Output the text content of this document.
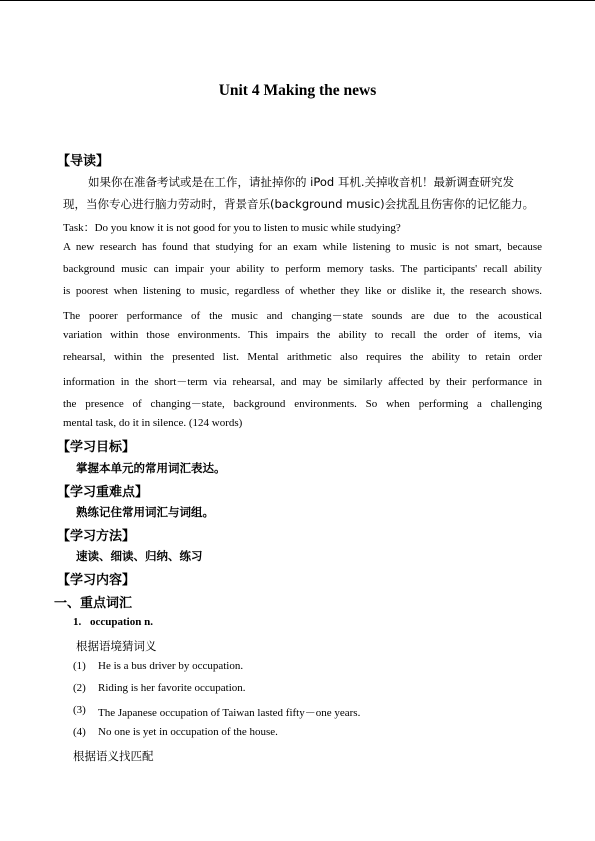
Unit 4 Making the news
【导读】
如果你在准备考试或是在工作，请扯掉你的 iPod 耳机.关掉收音机！最新调查研究发
现，当你专心进行脑力劳动时，背景音乐(background music)会扰乱且伤害你的记忆能力。
Task：Do you know it is not good for you to listen to music while studying?
A new research has found that studying for an exam while listening to music is not smart, because
background music can impair your ability to perform memory tasks. The participants' recall ability
is poorest when listening to music, regardless of whether they like or dislike it, the research shows.
The poorer performance of the music and changing－state sounds are due to the acoustical
variation within those environments. This impairs the ability to recall the order of items, via
rehearsal, within the presented list. Mental arithmetic also requires the ability to retain order
information in the short－term via rehearsal, and may be similarly affected by their performance in
the presence of changing－state, background environments. So when performing a challenging
mental task, do it in silence. (124 words)
【学习目标】
掌握本单元的常用词汇表达。
【学习重难点】
熟练记住常用词汇与词组。
【学习方法】
速读、细读、归纳、练习
【学习内容】
一、重点词汇
1. occupation n.
根据语境猜词义
(1) He is a bus driver by occupation.
(2) Riding is her favorite occupation.
(3) The Japanese occupation of Taiwan lasted fifty－one years.
(4) No one is yet in occupation of the house.
根据语义找匹配
